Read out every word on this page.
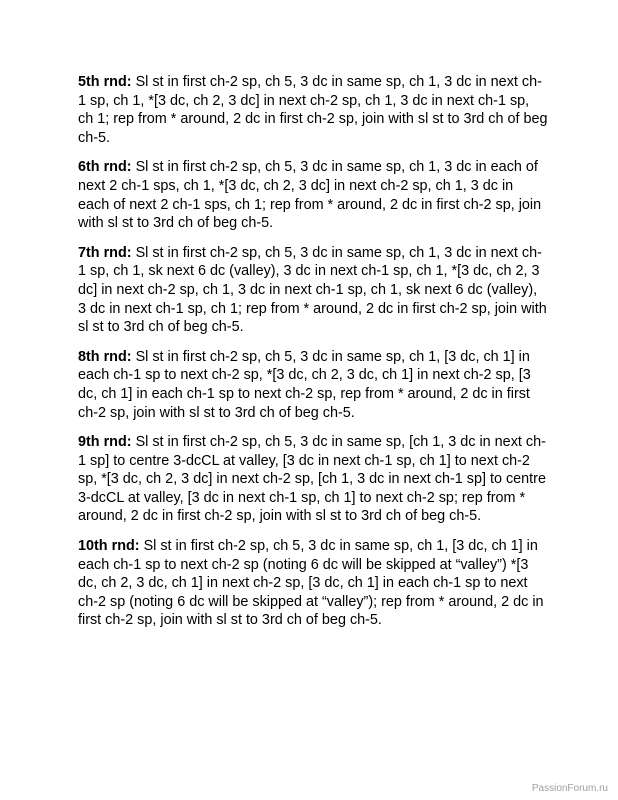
5th rnd: Sl st in first ch-2 sp, ch 5, 3 dc in same sp, ch 1, 3 dc in next ch-1 sp, ch 1, *[3 dc, ch 2, 3 dc] in next ch-2 sp, ch 1, 3 dc in next ch-1 sp, ch 1; rep from * around, 2 dc in first ch-2 sp, join with sl st to 3rd ch of beg ch-5.

6th rnd: Sl st in first ch-2 sp, ch 5, 3 dc in same sp, ch 1, 3 dc in each of next 2 ch-1 sps, ch 1, *[3 dc, ch 2, 3 dc] in next ch-2 sp, ch 1, 3 dc in each of next 2 ch-1 sps, ch 1; rep from * around, 2 dc in first ch-2 sp, join with sl st to 3rd ch of beg ch-5.

7th rnd: Sl st in first ch-2 sp, ch 5, 3 dc in same sp, ch 1, 3 dc in next ch-1 sp, ch 1, sk next 6 dc (valley), 3 dc in next ch-1 sp, ch 1, *[3 dc, ch 2, 3 dc] in next ch-2 sp, ch 1, 3 dc in next ch-1 sp, ch 1, sk next 6 dc (valley), 3 dc in next ch-1 sp, ch 1; rep from * around, 2 dc in first ch-2 sp, join with sl st to 3rd ch of beg ch-5.

8th rnd: Sl st in first ch-2 sp, ch 5, 3 dc in same sp, ch 1, [3 dc, ch 1] in each ch-1 sp to next ch-2 sp, *[3 dc, ch 2, 3 dc, ch 1] in next ch-2 sp, [3 dc, ch 1] in each ch-1 sp to next ch-2 sp, rep from * around, 2 dc in first ch-2 sp, join with sl st to 3rd ch of beg ch-5.

9th rnd: Sl st in first ch-2 sp, ch 5, 3 dc in same sp, [ch 1, 3 dc in next ch-1 sp] to centre 3-dcCL at valley, [3 dc in next ch-1 sp, ch 1] to next ch-2 sp, *[3 dc, ch 2, 3 dc] in next ch-2 sp, [ch 1, 3 dc in next ch-1 sp] to centre 3-dcCL at valley, [3 dc in next ch-1 sp, ch 1] to next ch-2 sp; rep from * around, 2 dc in first ch-2 sp, join with sl st to 3rd ch of beg ch-5.

10th rnd: Sl st in first ch-2 sp, ch 5, 3 dc in same sp, ch 1, [3 dc, ch 1] in each ch-1 sp to next ch-2 sp (noting 6 dc will be skipped at “valley”) *[3 dc, ch 2, 3 dc, ch 1] in next ch-2 sp, [3 dc, ch 1] in each ch-1 sp to next ch-2 sp (noting 6 dc will be skipped at “valley”); rep from * around, 2 dc in first ch-2 sp, join with sl st to 3rd ch of beg ch-5.

PassionForum.ru
